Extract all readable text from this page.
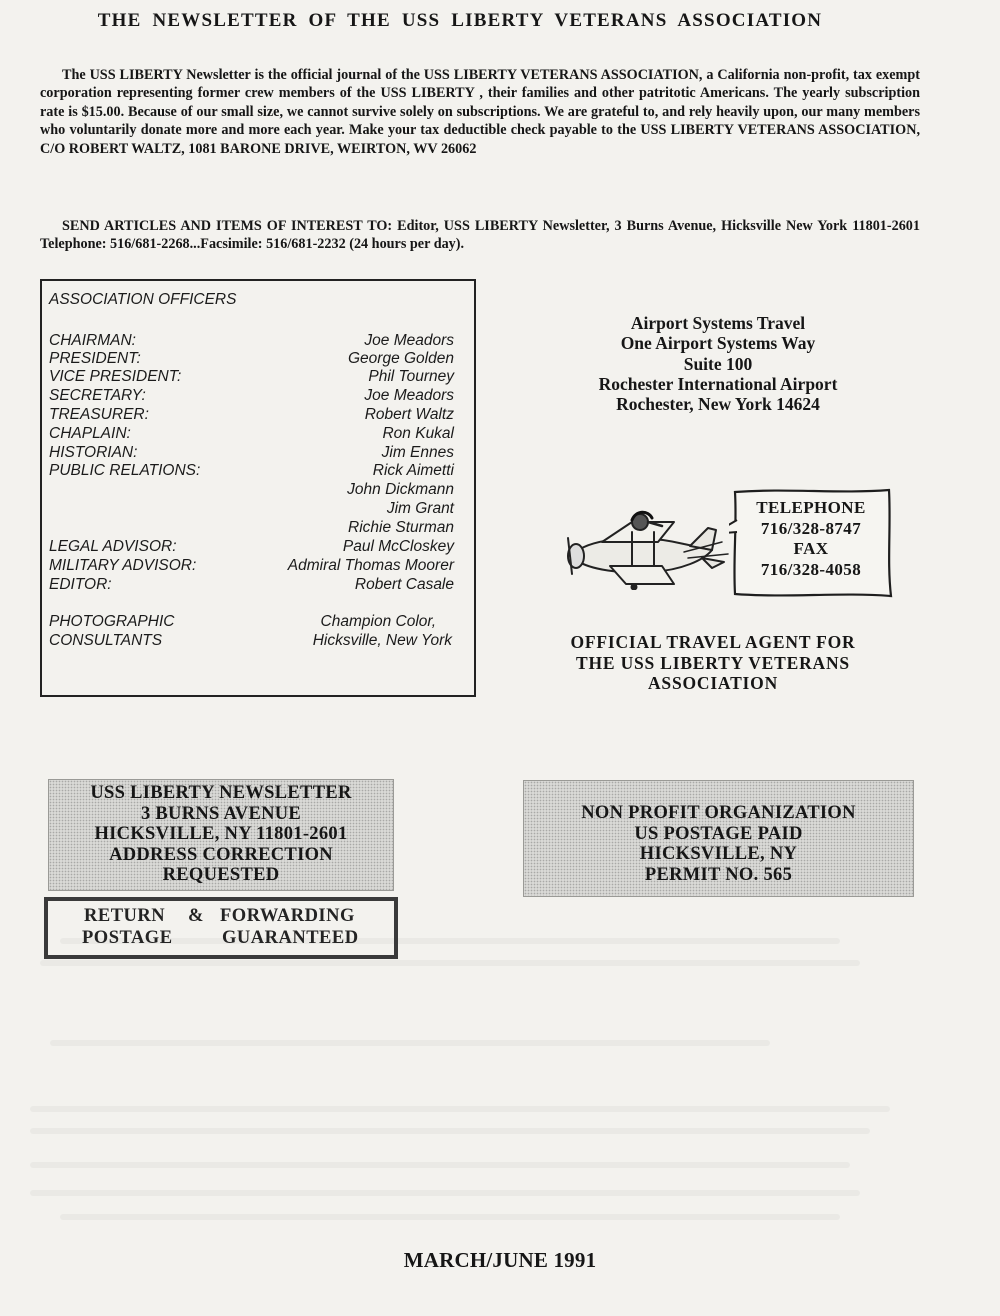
THE NEWSLETTER OF THE USS LIBERTY VETERANS ASSOCIATION
The USS LIBERTY Newsletter is the official journal of the USS LIBERTY VETERANS ASSOCIATION, a California non-profit, tax exempt corporation representing former crew members of the USS LIBERTY , their families and other patritotic Americans. The yearly subscription rate is $15.00. Because of our small size, we cannot survive solely on subscriptions. We are grateful to, and rely heavily upon, our many members who voluntarily donate more and more each year. Make your tax deductible check payable to the USS LIBERTY VETERANS ASSOCIATION, C/O ROBERT WALTZ, 1081 BARONE DRIVE, WEIRTON, WV 26062
SEND ARTICLES AND ITEMS OF INTEREST TO: Editor, USS LIBERTY Newsletter, 3 Burns Avenue, Hicksville New York 11801-2601 Telephone: 516/681-2268...Facsimile: 516/681-2232 (24 hours per day).
ASSOCIATION OFFICERS
CHAIRMAN:	Joe Meadors
PRESIDENT:	George Golden
VICE PRESIDENT:	Phil Tourney
SECRETARY:	Joe Meadors
TREASURER:	Robert Waltz
CHAPLAIN:	Ron Kukal
HISTORIAN:	Jim Ennes
PUBLIC RELATIONS:	Rick Aimetti
John Dickmann
Jim Grant
Richie Sturman
LEGAL ADVISOR:	Paul McCloskey
MILITARY ADVISOR:	Admiral Thomas Moorer
EDITOR:	Robert Casale
PHOTOGRAPHIC	Champion Color,
CONSULTANTS	Hicksville, New York
Airport Systems Travel
One Airport Systems Way
Suite 100
Rochester International Airport
Rochester, New York 14624
TELEPHONE
716/328-8747
FAX
716/328-4058
OFFICIAL TRAVEL AGENT FOR
THE USS LIBERTY VETERANS
ASSOCIATION
USS LIBERTY NEWSLETTER
3 BURNS AVENUE
HICKSVILLE, NY 11801-2601
ADDRESS CORRECTION
REQUESTED
RETURN & FORWARDING
POSTAGE	GUARANTEED
NON PROFIT ORGANIZATION
US POSTAGE PAID
HICKSVILLE, NY
PERMIT NO. 565
MARCH/JUNE 1991
